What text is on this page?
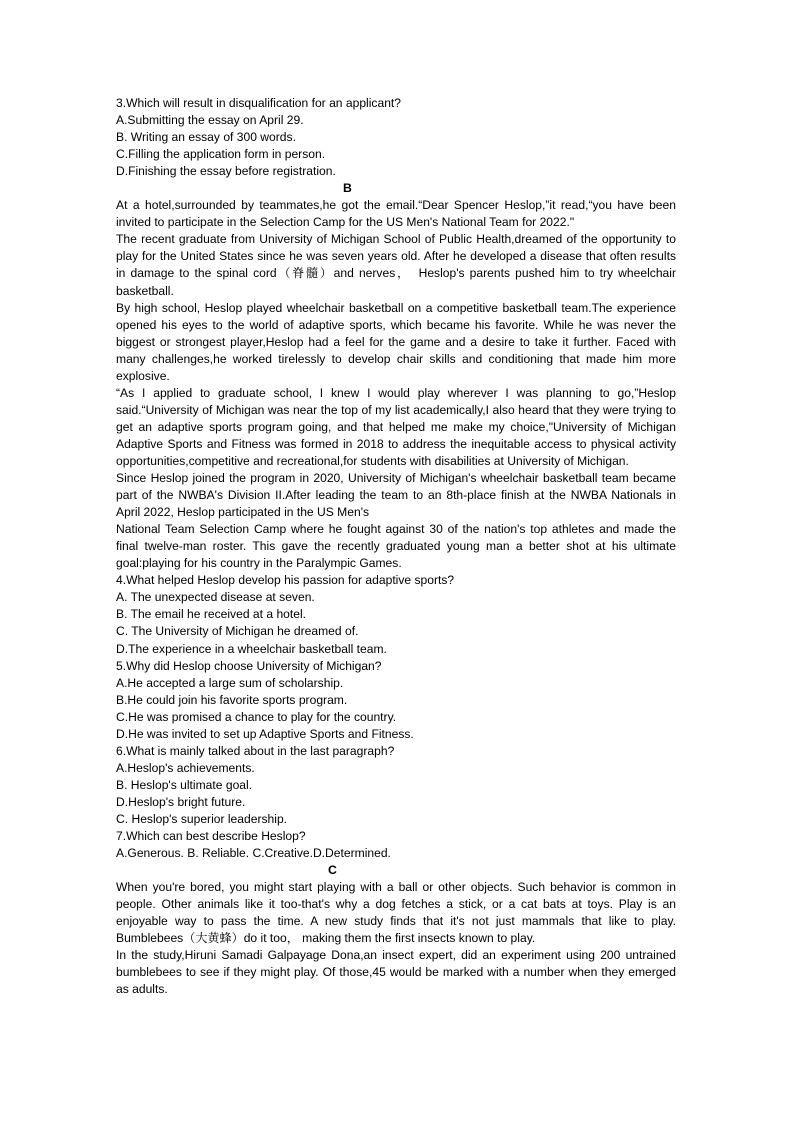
3.Which will result in disqualification for an applicant?
A.Submitting the essay on April 29.
B. Writing an essay of 300 words.
C.Filling the application form in person.
D.Finishing the essay before registration.
B
At a hotel,surrounded by teammates,he got the email.“Dear Spencer Heslop,”it read,“you have been invited to participate in the Selection Camp for the US Men's National Team for 2022."
The recent graduate from University of Michigan School of Public Health,dreamed of the opportunity to play for the United States since he was seven years old. After he developed a disease that often results in damage to the spinal cord（脊髓）and nerves，　Heslop's parents pushed him to try wheelchair basketball.
By high school, Heslop played wheelchair basketball on a competitive basketball team.The experience opened his eyes to the world of adaptive sports, which became his favorite. While he was never the biggest or strongest player,Heslop had a feel for the game and a desire to take it further. Faced with many challenges,he worked tirelessly to develop chair skills and conditioning that made him more explosive.
“As I applied to graduate school, I knew I would play wherever I was planning to go,”Heslop said.“University of Michigan was near the top of my list academically,I also heard that they were trying to get an adaptive sports program going, and that helped me make my choice,"University of Michigan Adaptive Sports and Fitness was formed in 2018 to address the inequitable access to physical activity opportunities,competitive and recreational,for students with disabilities at University of Michigan.
Since Heslop joined the program in 2020, University of Michigan's wheelchair basketball team became part of the NWBA's Division II.After leading the team to an 8th-place finish at the NWBA Nationals in April 2022, Heslop participated in the US Men's
National Team Selection Camp where he fought against 30 of the nation's top athletes and made the final twelve-man roster. This gave the recently graduated young man a better shot at his ultimate goal:playing for his country in the Paralympic Games.
4.What helped Heslop develop his passion for adaptive sports?
A. The unexpected disease at seven.
B. The email he received at a hotel.
C. The University of Michigan he dreamed of.
D.The experience in a wheelchair basketball team.
5.Why did Heslop choose University of Michigan?
A.He accepted a large sum of scholarship.
B.He could join his favorite sports program.
C.He was promised a chance to play for the country.
D.He was invited to set up Adaptive Sports and Fitness.
6.What is mainly talked about in the last paragraph?
A.Heslop's achievements.
B. Heslop's ultimate goal.
D.Heslop's bright future.
C. Heslop's superior leadership.
7.Which can best describe Heslop?
A.Generous. B. Reliable. C.Creative.D.Determined.
C
When you're bored, you might start playing with a ball or other objects. Such behavior is common in people. Other animals like it too-that's why a dog fetches a stick, or a cat bats at toys. Play is an enjoyable way to pass the time. A new study finds that it's not just mammals that like to play. Bumblebees（大黄蜂）do it too， making them the first insects known to play.
In the study,Hiruni Samadi Galpayage Dona,an insect expert, did an experiment using 200 untrained bumblebees to see if they might play. Of those,45 would be marked with a number when they emerged as adults.
